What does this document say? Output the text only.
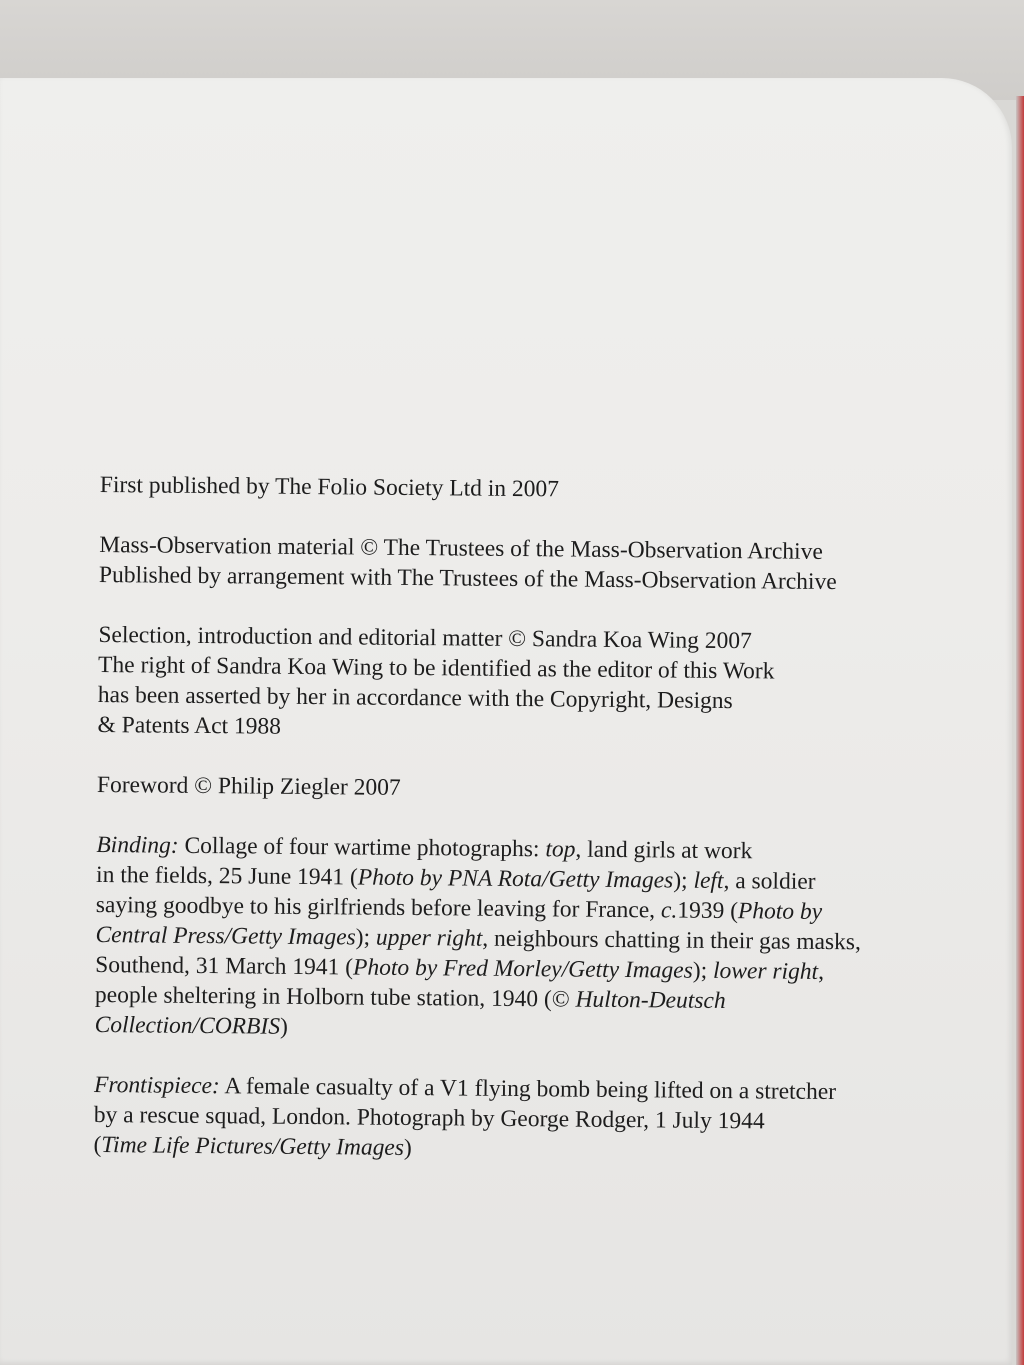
First published by The Folio Society Ltd in 2007

Mass-Observation material © The Trustees of the Mass-Observation Archive
Published by arrangement with The Trustees of the Mass-Observation Archive

Selection, introduction and editorial matter © Sandra Koa Wing 2007
The right of Sandra Koa Wing to be identified as the editor of this Work
has been asserted by her in accordance with the Copyright, Designs
& Patents Act 1988

Foreword © Philip Ziegler 2007

Binding: Collage of four wartime photographs: top, land girls at work
in the fields, 25 June 1941 (Photo by PNA Rota/Getty Images); left, a soldier
saying goodbye to his girlfriends before leaving for France, c.1939 (Photo by
Central Press/Getty Images); upper right, neighbours chatting in their gas masks,
Southend, 31 March 1941 (Photo by Fred Morley/Getty Images); lower right,
people sheltering in Holborn tube station, 1940 (© Hulton-Deutsch
Collection/CORBIS)

Frontispiece: A female casualty of a V1 flying bomb being lifted on a stretcher
by a rescue squad, London. Photograph by George Rodger, 1 July 1944
(Time Life Pictures/Getty Images)
